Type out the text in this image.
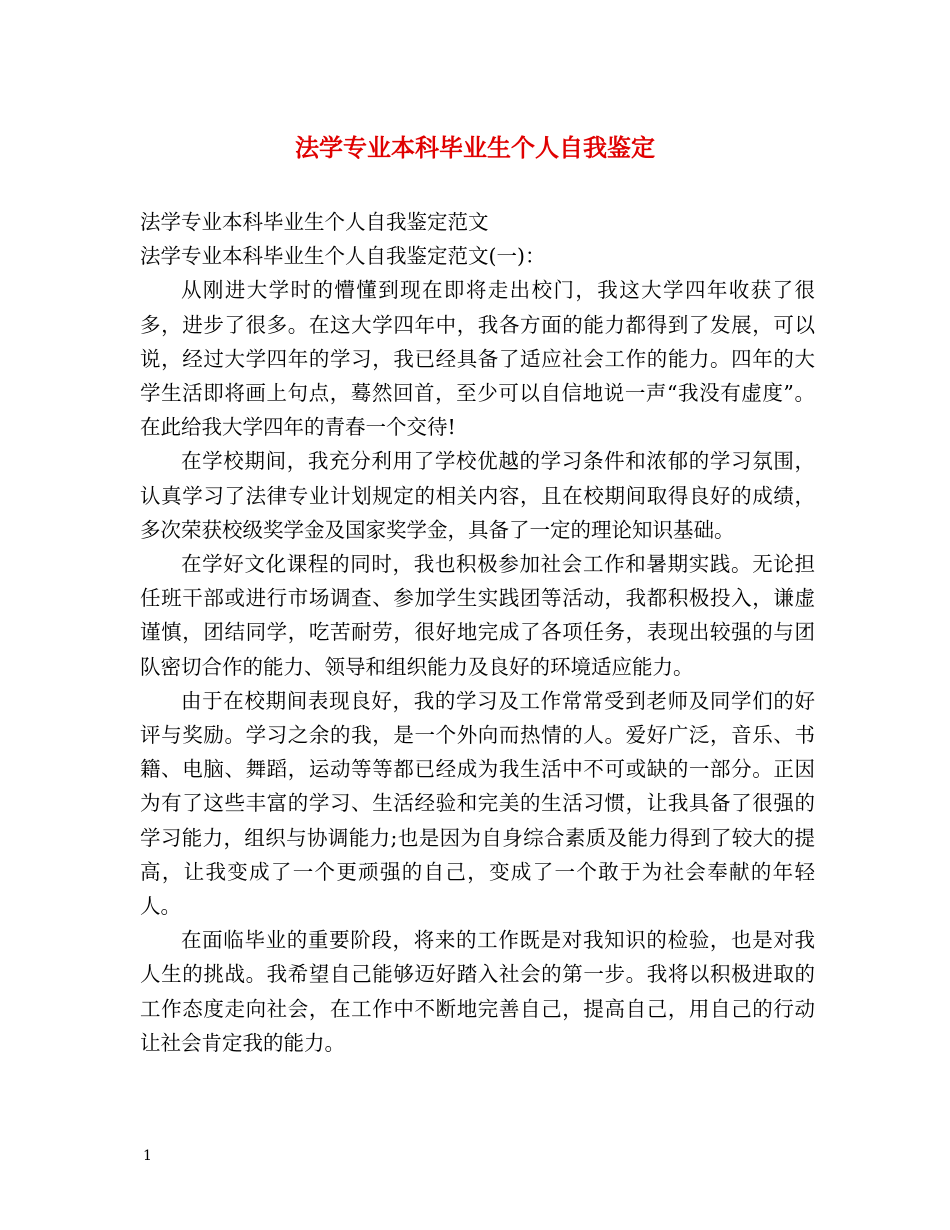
法学专业本科毕业生个人自我鉴定

法学专业本科毕业生个人自我鉴定范文

法学专业本科毕业生个人自我鉴定范文(一)：

从刚进大学时的懵懂到现在即将走出校门，我这大学四年收获了很多，进步了很多。在这大学四年中，我各方面的能力都得到了发展，可以说，经过大学四年的学习，我已经具备了适应社会工作的能力。四年的大学生活即将画上句点，蓦然回首，至少可以自信地说一声“我没有虚度”。在此给我大学四年的青春一个交待!

在学校期间，我充分利用了学校优越的学习条件和浓郁的学习氛围，认真学习了法律专业计划规定的相关内容，且在校期间取得良好的成绩，多次荣获校级奖学金及国家奖学金，具备了一定的理论知识基础。

在学好文化课程的同时，我也积极参加社会工作和暑期实践。无论担任班干部或进行市场调查、参加学生实践团等活动，我都积极投入，谦虚谨慎，团结同学，吃苦耐劳，很好地完成了各项任务，表现出较强的与团队密切合作的能力、领导和组织能力及良好的环境适应能力。

由于在校期间表现良好，我的学习及工作常常受到老师及同学们的好评与奖励。学习之余的我，是一个外向而热情的人。爱好广泛，音乐、书籍、电脑、舞蹈，运动等等都已经成为我生活中不可或缺的一部分。正因为有了这些丰富的学习、生活经验和完美的生活习惯，让我具备了很强的学习能力，组织与协调能力;也是因为自身综合素质及能力得到了较大的提高，让我变成了一个更顽强的自己，变成了一个敢于为社会奉献的年轻人。

在面临毕业的重要阶段，将来的工作既是对我知识的检验，也是对我人生的挑战。我希望自己能够迈好踏入社会的第一步。我将以积极进取的工作态度走向社会，在工作中不断地完善自己，提高自己，用自己的行动让社会肯定我的能力。

1
